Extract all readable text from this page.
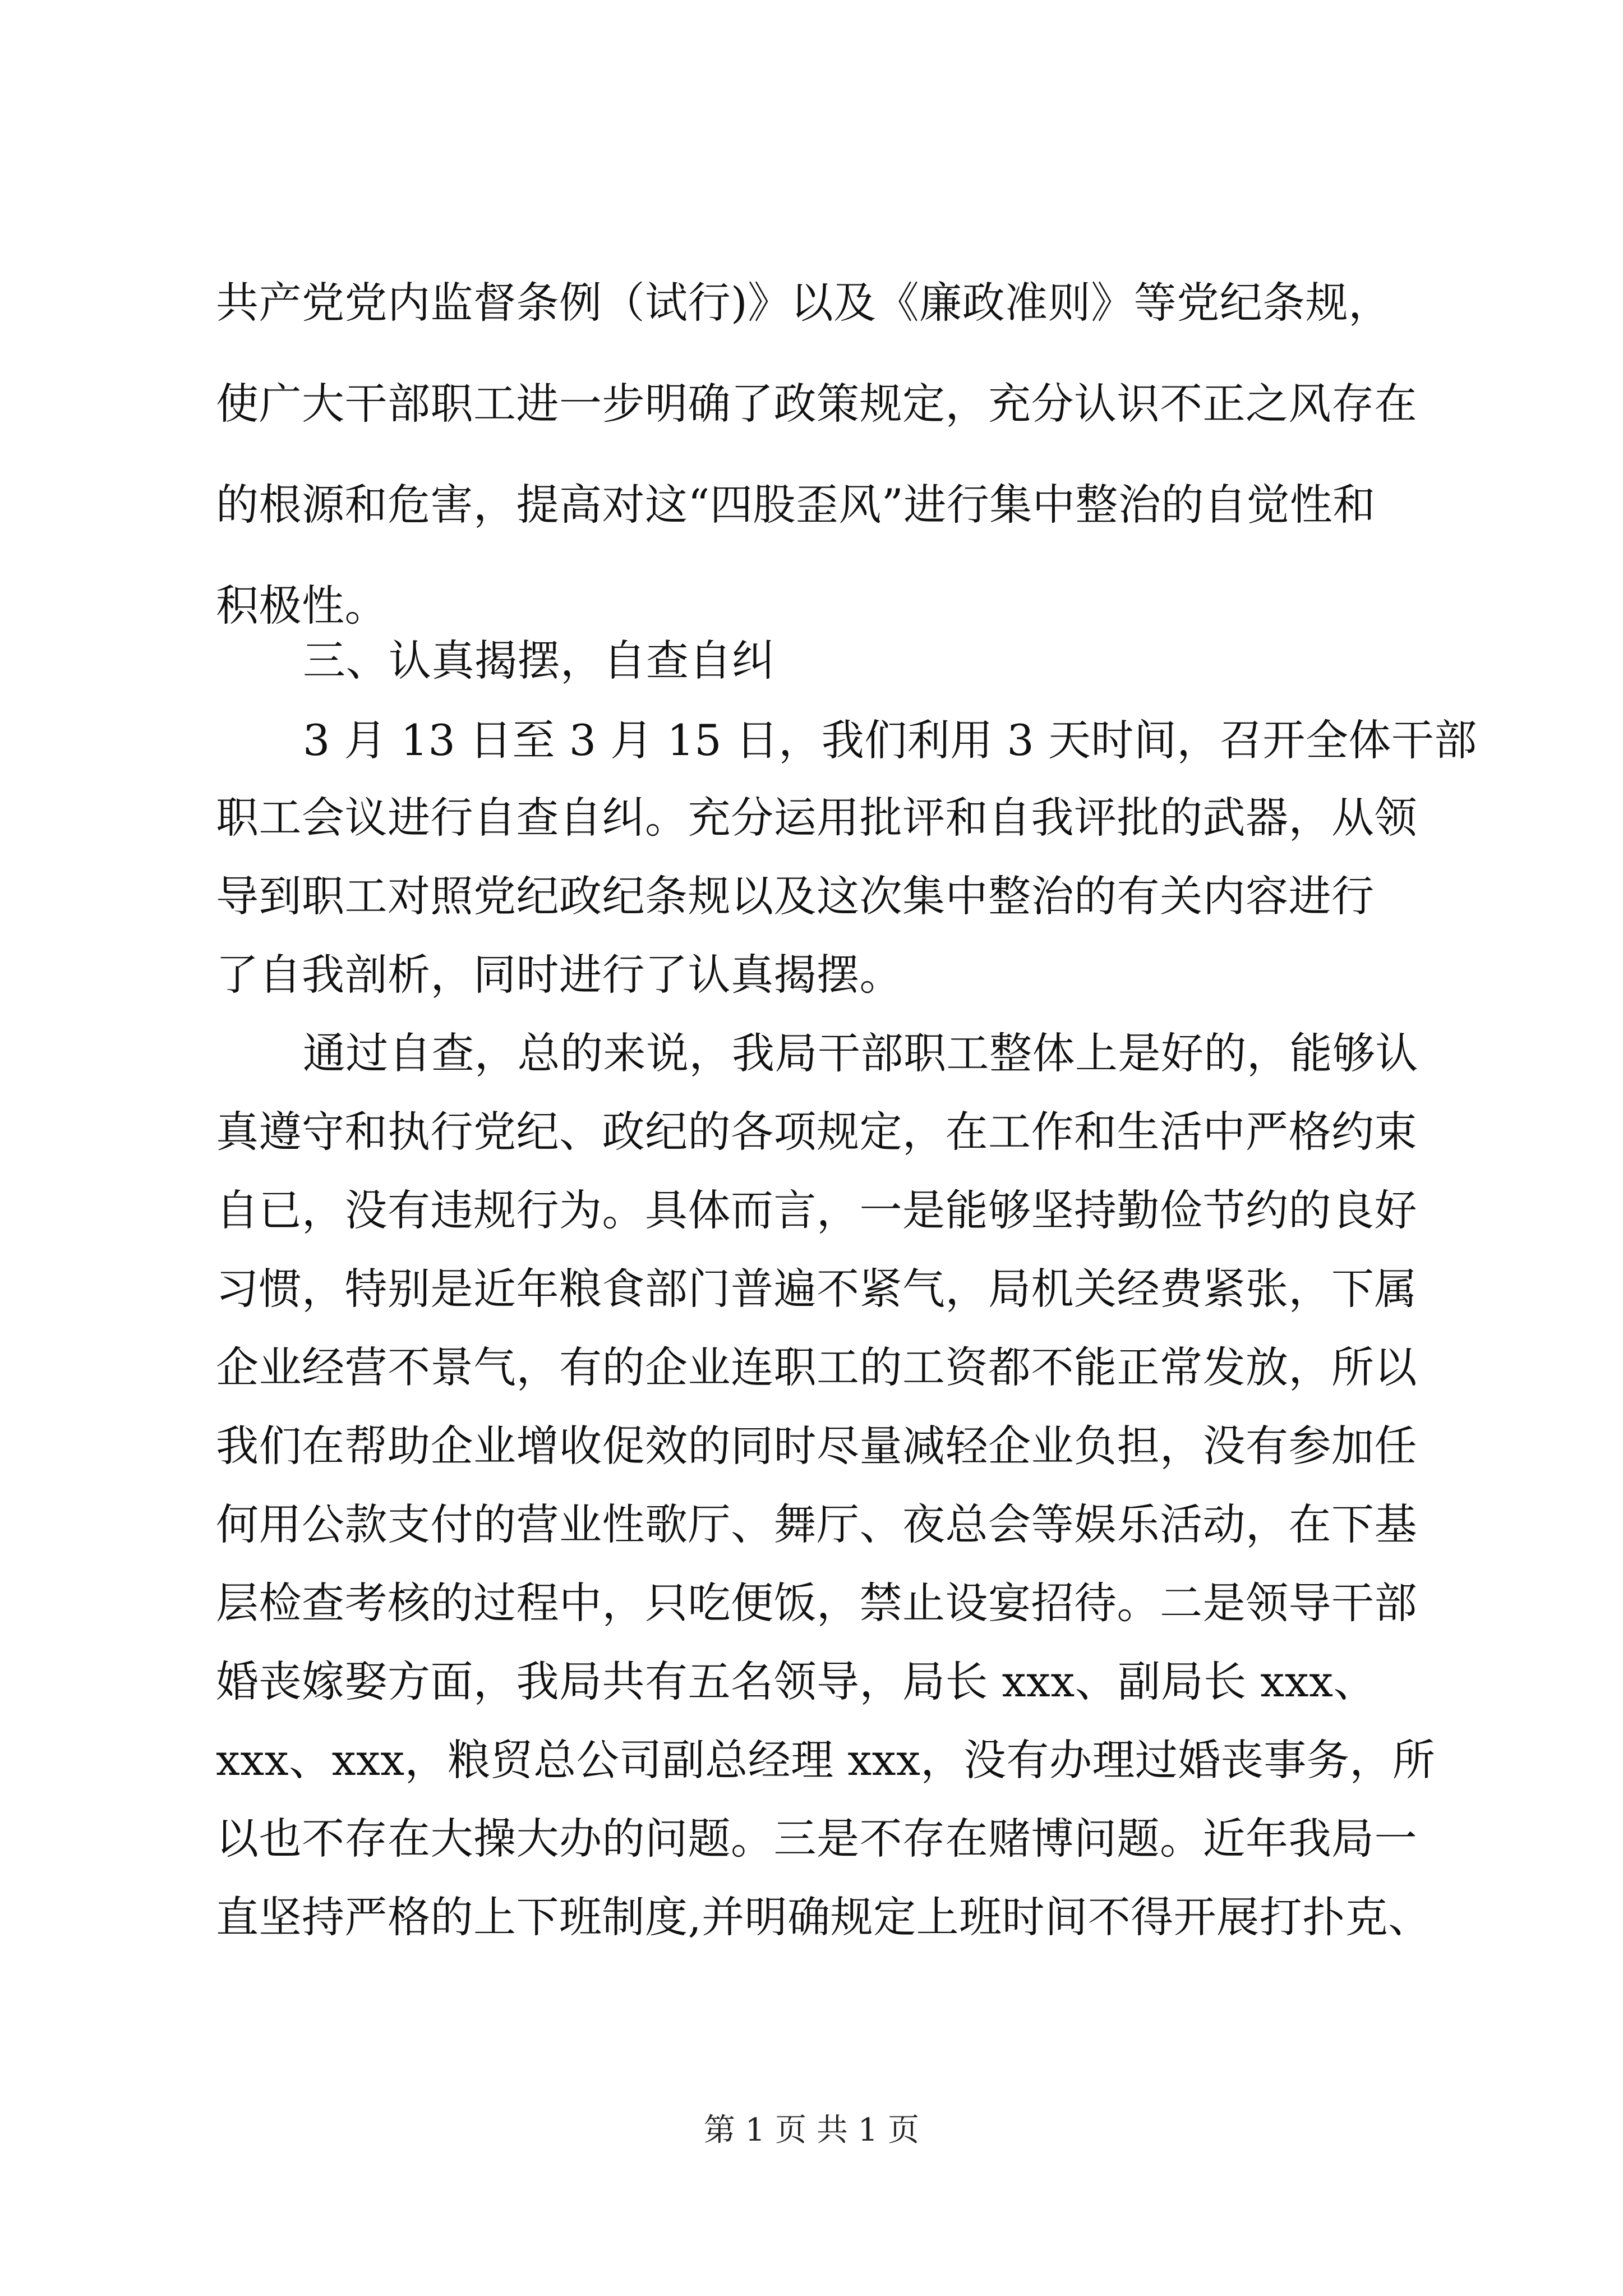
共产党党内监督条例（试行)》以及《廉政准则》等党纪条规，
使广大干部职工进一步明确了政策规定，充分认识不正之风存在
的根源和危害，提高对这“四股歪风”进行集中整治的自觉性和
积极性。
三、认真揭摆，自查自纠
3 月 13 日至 3 月 15 日，我们利用 3 天时间，召开全体干部
职工会议进行自查自纠。充分运用批评和自我评批的武器，从领
导到职工对照党纪政纪条规以及这次集中整治的有关内容进行
了自我剖析，同时进行了认真揭摆。
通过自查，总的来说，我局干部职工整体上是好的，能够认
真遵守和执行党纪、政纪的各项规定，在工作和生活中严格约束
自已，没有违规行为。具体而言，一是能够坚持勤俭节约的良好
习惯，特别是近年粮食部门普遍不紧气，局机关经费紧张，下属
企业经营不景气，有的企业连职工的工资都不能正常发放，所以
我们在帮助企业增收促效的同时尽量减轻企业负担，没有参加任
何用公款支付的营业性歌厅、舞厅、夜总会等娱乐活动，在下基
层检查考核的过程中，只吃便饭，禁止设宴招待。二是领导干部
婚丧嫁娶方面，我局共有五名领导，局长 xxx、副局长 xxx、
xxx、xxx，粮贸总公司副总经理 xxx，没有办理过婚丧事务，所
以也不存在大操大办的问题。三是不存在赌博问题。近年我局一
直坚持严格的上下班制度,并明确规定上班时间不得开展打扑克、
第 1 页 共 1 页
